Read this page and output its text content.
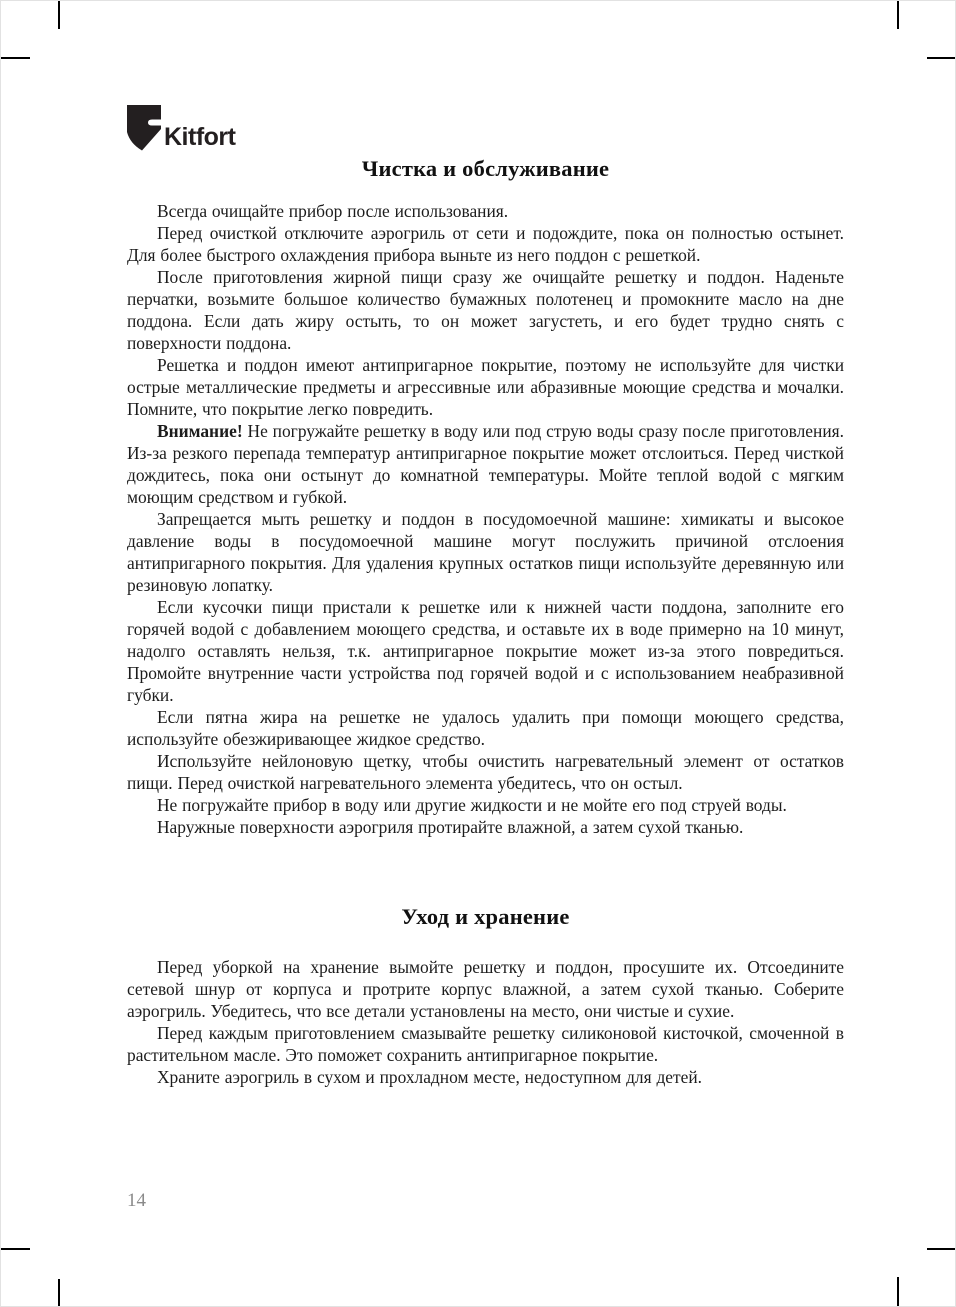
Kitfort
Чистка и обслуживание

Всегда очищайте прибор после использования.

Перед очисткой отключите аэрогриль от сети и подождите, пока он полностью остынет. Для более быстрого охлаждения прибора выньте из него поддон с решеткой.

После приготовления жирной пищи сразу же очищайте решетку и поддон. Наденьте перчатки, возьмите большое количество бумажных полотенец и промокните масло на дне поддона. Если дать жиру остыть, то он может загустеть, и его будет трудно снять с поверхности поддона.

Решетка и поддон имеют антипригарное покрытие, поэтому не используйте для чистки острые металлические предметы и агрессивные или абразивные моющие средства и мочалки. Помните, что покрытие легко повредить.

Внимание! Не погружайте решетку в воду или под струю воды сразу после приготовления. Из-за резкого перепада температур антипригарное покрытие может отслоиться. Перед чисткой дождитесь, пока они остынут до комнатной температуры. Мойте теплой водой с мягким моющим средством и губкой.

Запрещается мыть решетку и поддон в посудомоечной машине: химикаты и высокое давление воды в посудомоечной машине могут послужить причиной отслоения антипригарного покрытия. Для удаления крупных остатков пищи используйте деревянную или резиновую лопатку.

Если кусочки пищи пристали к решетке или к нижней части поддона, заполните его горячей водой с добавлением моющего средства, и оставьте их в воде примерно на 10 минут, надолго оставлять нельзя, т.к. антипригарное покрытие может из-за этого повредиться. Промойте внутренние части устройства под горячей водой и с использованием неабразивной губки.

Если пятна жира на решетке не удалось удалить при помощи моющего средства, используйте обезжиривающее жидкое средство.

Используйте нейлоновую щетку, чтобы очистить нагревательный элемент от остатков пищи. Перед очисткой нагревательного элемента убедитесь, что он остыл.

Не погружайте прибор в воду или другие жидкости и не мойте его под струей воды.

Наружные поверхности аэрогриля протирайте влажной, а затем сухой тканью.

Уход и хранение

Перед уборкой на хранение вымойте решетку и поддон, просушите их. Отсоедините сетевой шнур от корпуса и протрите корпус влажной, а затем сухой тканью. Соберите аэрогриль. Убедитесь, что все детали установлены на место, они чистые и сухие.

Перед каждым приготовлением смазывайте решетку силиконовой кисточкой, смоченной в растительном масле. Это поможет сохранить антипригарное покрытие.

Храните аэрогриль в сухом и прохладном месте, недоступном для детей.

14
